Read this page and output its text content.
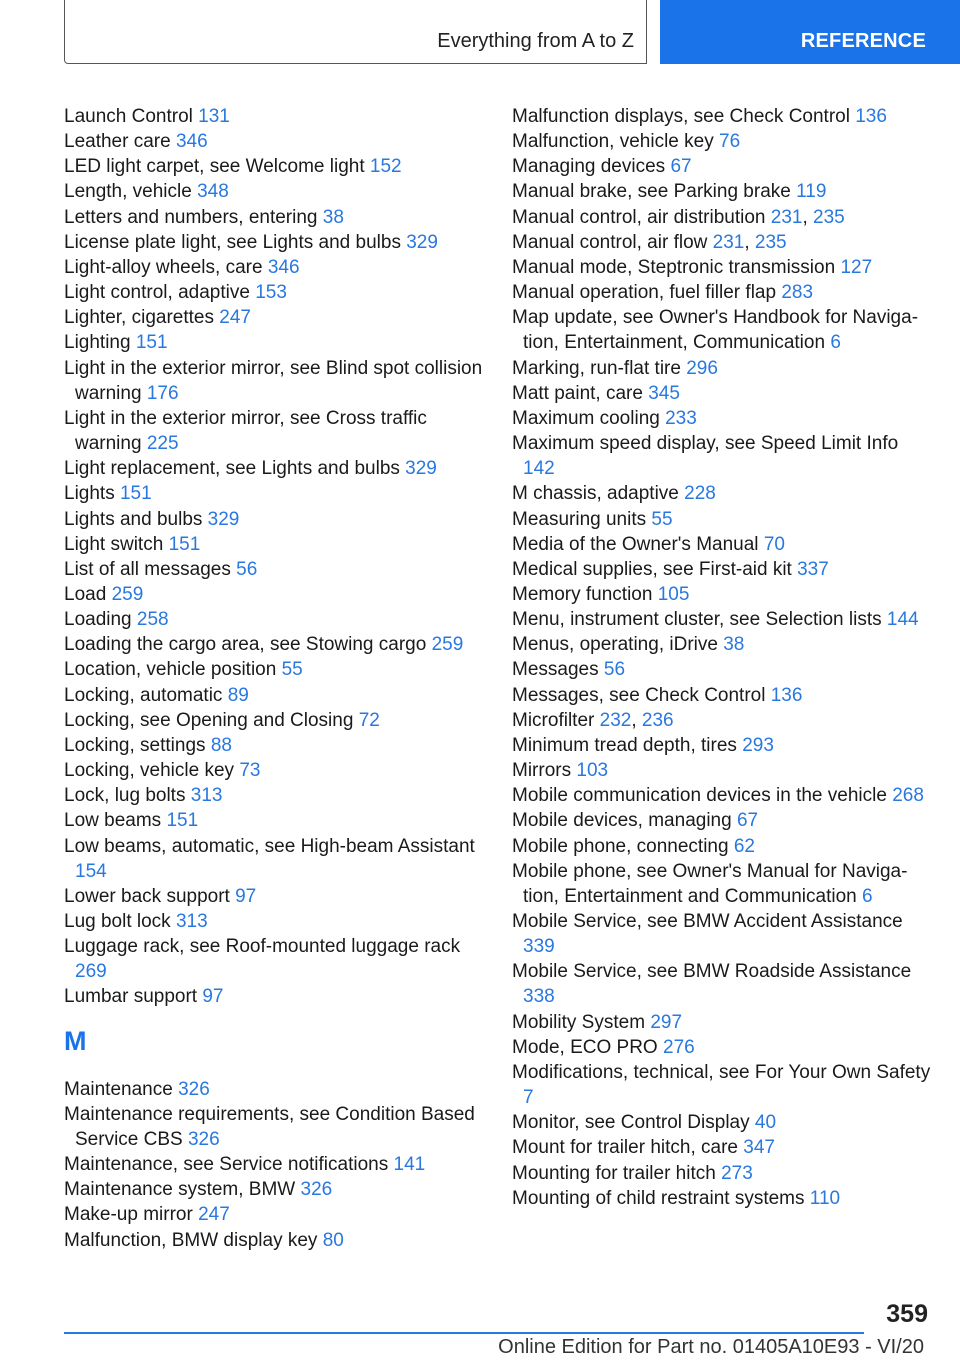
Everything from A to Z	REFERENCE
Launch Control 131
Leather care 346
LED light carpet, see Welcome light 152
Length, vehicle 348
Letters and numbers, entering 38
License plate light, see Lights and bulbs 329
Light-alloy wheels, care 346
Light control, adaptive 153
Lighter, cigarettes 247
Lighting 151
Light in the exterior mirror, see Blind spot collision warning 176
Light in the exterior mirror, see Cross traffic warning 225
Light replacement, see Lights and bulbs 329
Lights 151
Lights and bulbs 329
Light switch 151
List of all messages 56
Load 259
Loading 258
Loading the cargo area, see Stowing cargo 259
Location, vehicle position 55
Locking, automatic 89
Locking, see Opening and Closing 72
Locking, settings 88
Locking, vehicle key 73
Lock, lug bolts 313
Low beams 151
Low beams, automatic, see High-beam Assistant 154
Lower back support 97
Lug bolt lock 313
Luggage rack, see Roof-mounted luggage rack 269
Lumbar support 97
M
Maintenance 326
Maintenance requirements, see Condition Based Service CBS 326
Maintenance, see Service notifications 141
Maintenance system, BMW 326
Make-up mirror 247
Malfunction, BMW display key 80
Malfunction displays, see Check Control 136
Malfunction, vehicle key 76
Managing devices 67
Manual brake, see Parking brake 119
Manual control, air distribution 231, 235
Manual control, air flow 231, 235
Manual mode, Steptronic transmission 127
Manual operation, fuel filler flap 283
Map update, see Owner's Handbook for Navigation, Entertainment, Communication 6
Marking, run-flat tire 296
Matt paint, care 345
Maximum cooling 233
Maximum speed display, see Speed Limit Info 142
M chassis, adaptive 228
Measuring units 55
Media of the Owner's Manual 70
Medical supplies, see First-aid kit 337
Memory function 105
Menu, instrument cluster, see Selection lists 144
Menus, operating, iDrive 38
Messages 56
Messages, see Check Control 136
Microfilter 232, 236
Minimum tread depth, tires 293
Mirrors 103
Mobile communication devices in the vehicle 268
Mobile devices, managing 67
Mobile phone, connecting 62
Mobile phone, see Owner's Manual for Navigation, Entertainment and Communication 6
Mobile Service, see BMW Accident Assistance 339
Mobile Service, see BMW Roadside Assistance 338
Mobility System 297
Mode, ECO PRO 276
Modifications, technical, see For Your Own Safety 7
Monitor, see Control Display 40
Mount for trailer hitch, care 347
Mounting for trailer hitch 273
Mounting of child restraint systems 110
359
Online Edition for Part no. 01405A10E93 - VI/20
